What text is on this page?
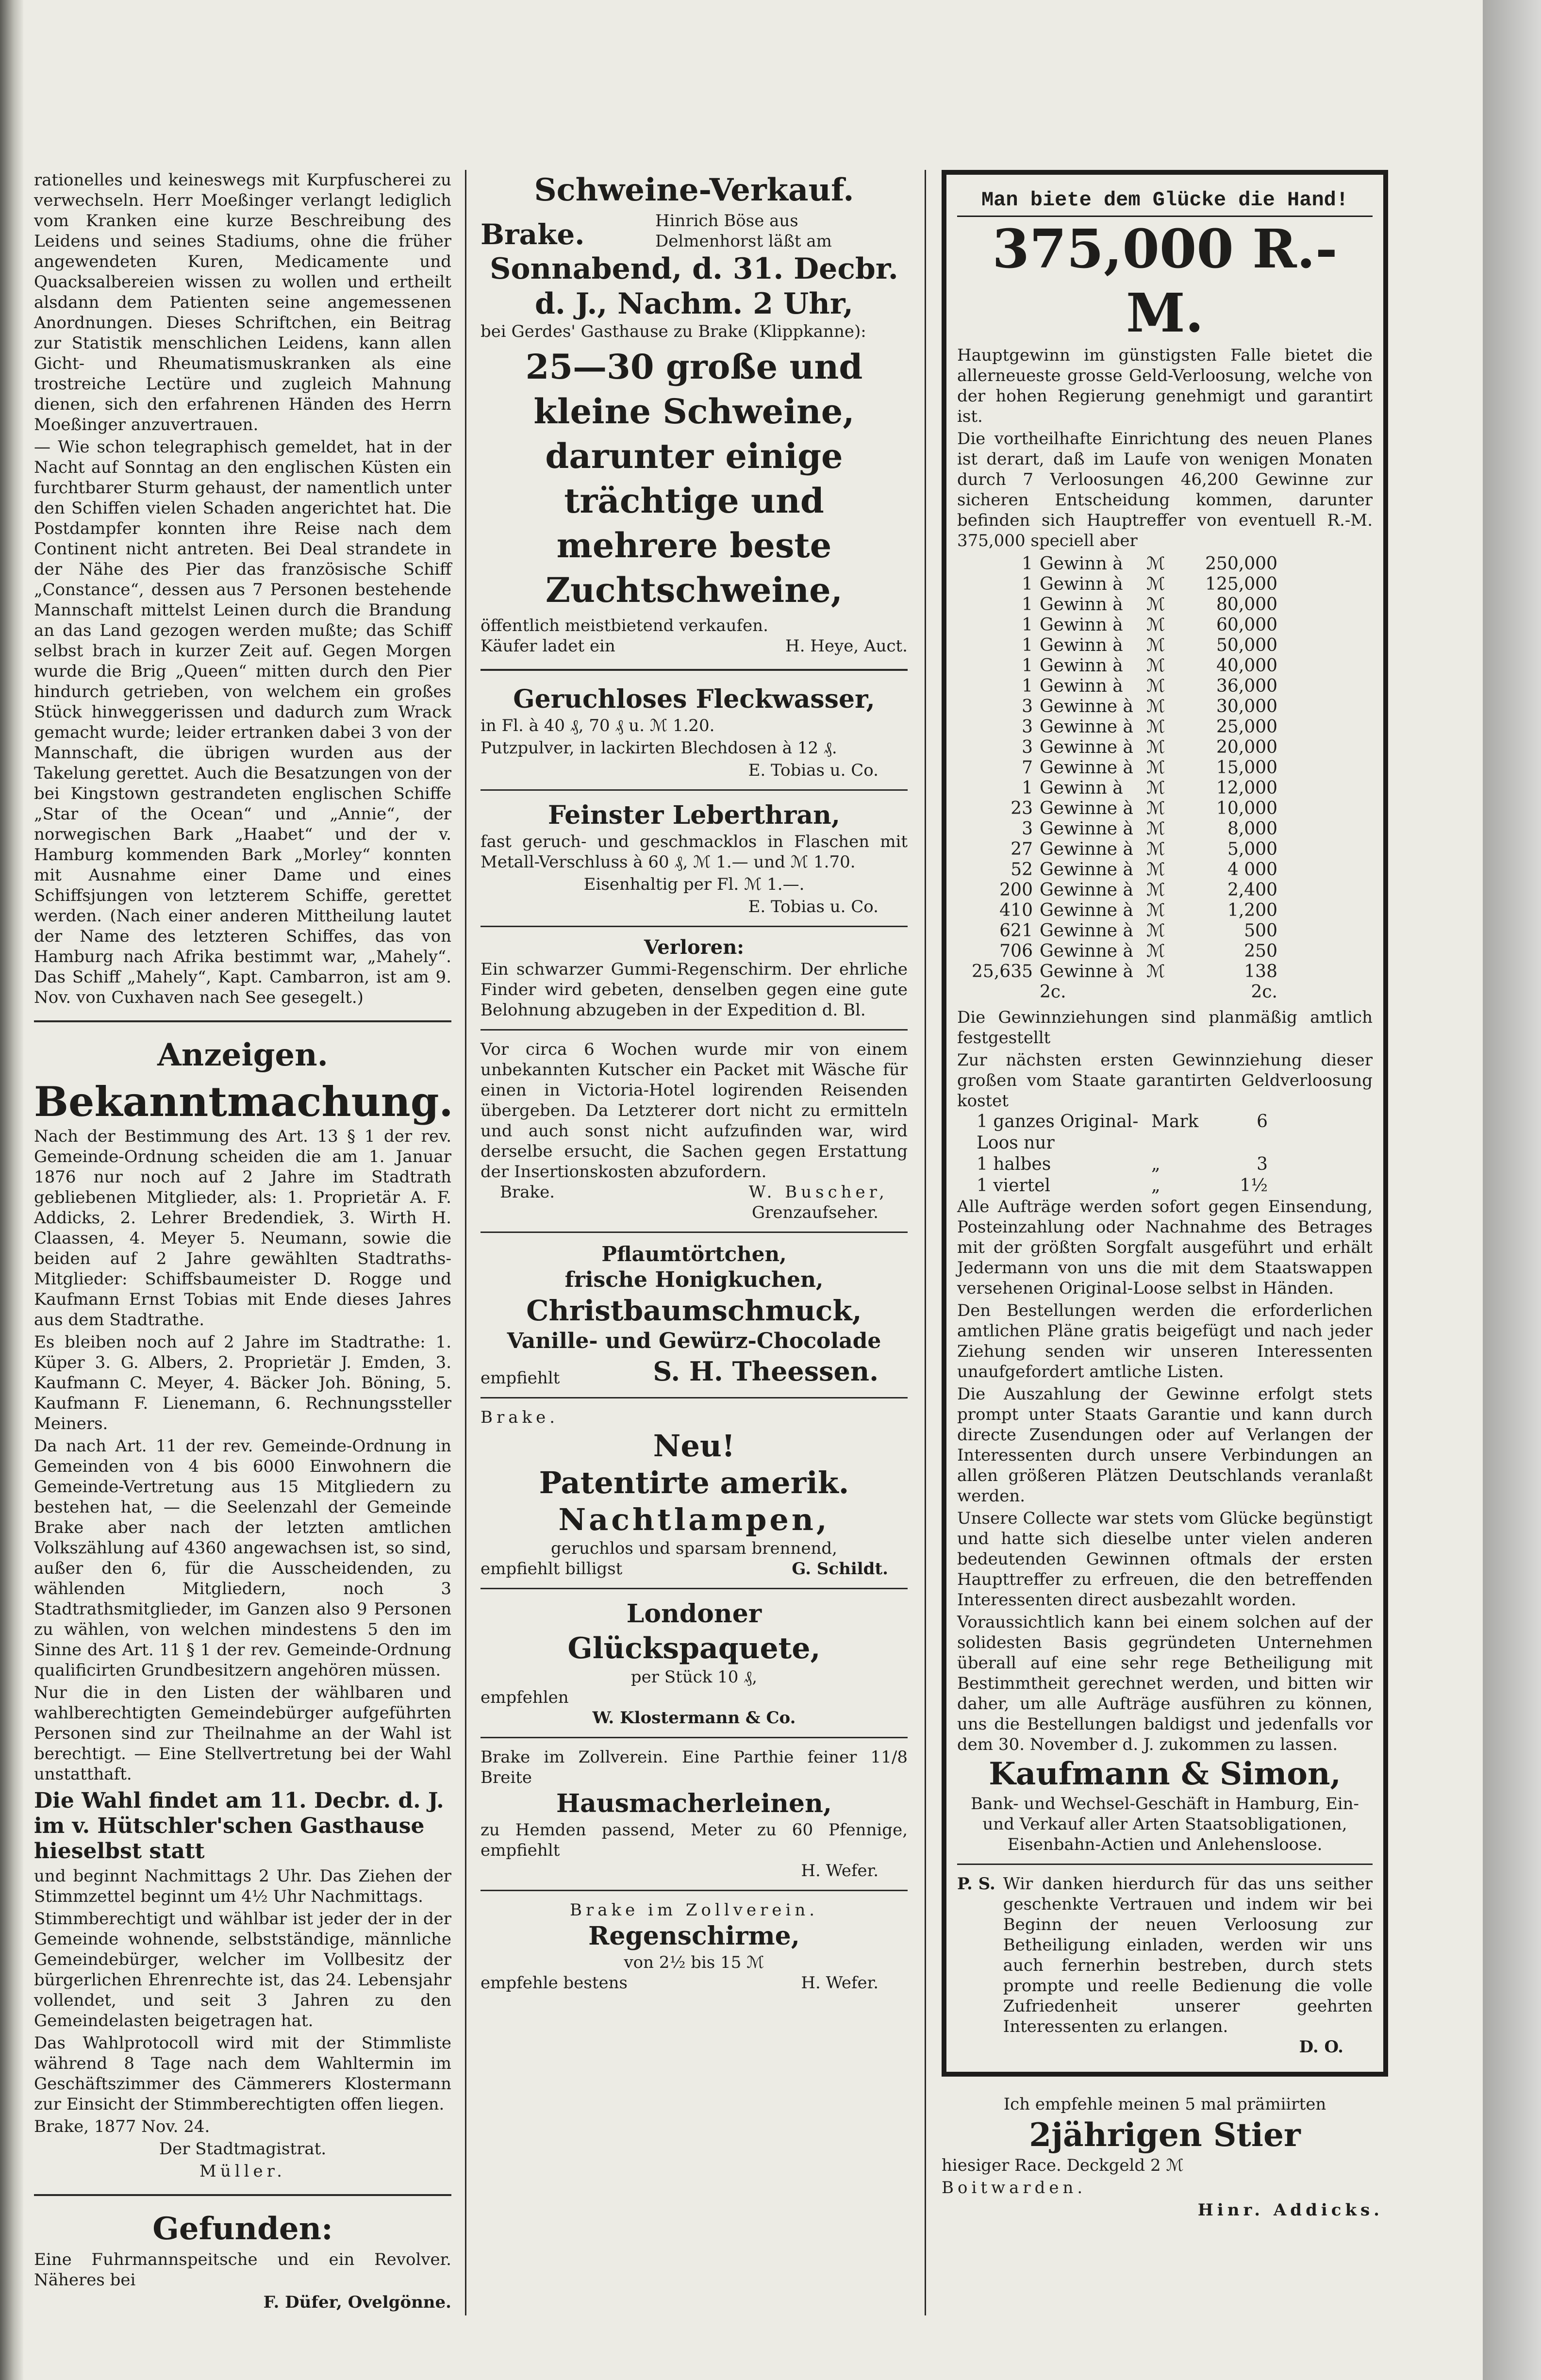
rationelles und keineswegs mit Kurpfuscherei zu verwechseln. Herr Moeßinger verlangt lediglich vom Kranken eine kurze Beschreibung des Leidens und seines Stadiums, ohne die früher angewendeten Kuren, Medicamente und Quacksalbereien wissen zu wollen und ertheilt alsdann dem Patienten seine angemessenen Anordnungen. Dieses Schriftchen, ein Beitrag zur Statistik menschlichen Leidens, kann allen Gicht- und Rheumatismuskranken als eine trostreiche Lectüre und zugleich Mahnung dienen, sich den erfahrenen Händen des Herrn Moeßinger anzuvertrauen.

— Wie schon telegraphisch gemeldet, hat in der Nacht auf Sonntag an den englischen Küsten ein furchtbarer Sturm gehaust, der namentlich unter den Schiffen vielen Schaden angerichtet hat. Die Postdampfer konnten ihre Reise nach dem Continent nicht antreten. Bei Deal strandete in der Nähe des Pier das französische Schiff „Constance“, dessen aus 7 Personen bestehende Mannschaft mittelst Leinen durch die Brandung an das Land gezogen werden mußte; das Schiff selbst brach in kurzer Zeit auf. Gegen Morgen wurde die Brig „Queen“ mitten durch den Pier hindurch getrieben, von welchem ein großes Stück hinweggerissen und dadurch zum Wrack gemacht wurde; leider ertranken dabei 3 von der Mannschaft, die übrigen wurden aus der Takelung gerettet. Auch die Besatzungen von der bei Kingstown gestrandeten englischen Schiffe „Star of the Ocean“ und „Annie“, der norwegischen Bark „Haabet“ und der v. Hamburg kommenden Bark „Morley“ konnten mit Ausnahme einer Dame und eines Schiffsjungen von letzterem Schiffe, gerettet werden. (Nach einer anderen Mittheilung lautet der Name des letzteren Schiffes, das von Hamburg nach Afrika bestimmt war, „Mahely“. Das Schiff „Mahely“, Kapt. Cambarron, ist am 9. Nov. von Cuxhaven nach See gesegelt.)

Anzeigen.

Bekanntmachung.

Nach der Bestimmung des Art. 13 § 1 der rev. Gemeinde-Ordnung scheiden die am 1. Januar 1876 nur noch auf 2 Jahre im Stadtrath gebliebenen Mitglieder, als: 1. Proprietär A. F. Addicks, 2. Lehrer Bredendiek, 3. Wirth H. Claassen, 4. Meyer 5. Neumann, sowie die beiden auf 2 Jahre gewählten Stadtraths-Mitglieder: Schiffsbaumeister D. Rogge und Kaufmann Ernst Tobias mit Ende dieses Jahres aus dem Stadtrathe.

Es bleiben noch auf 2 Jahre im Stadtrathe: 1. Küper 3. G. Albers, 2. Proprietär J. Emden, 3. Kaufmann C. Meyer, 4. Bäcker Joh. Böning, 5. Kaufmann F. Lienemann, 6. Rechnungssteller Meiners.

Da nach Art. 11 der rev. Gemeinde-Ordnung in Gemeinden von 4 bis 6000 Einwohnern die Gemeinde-Vertretung aus 15 Mitgliedern zu bestehen hat, — die Seelenzahl der Gemeinde Brake aber nach der letzten amtlichen Volkszählung auf 4360 angewachsen ist, so sind, außer den 6, für die Ausscheidenden, zu wählenden Mitgliedern, noch 3 Stadtrathsmitglieder, im Ganzen also 9 Personen zu wählen, von welchen mindestens 5 den im Sinne des Art. 11 § 1 der rev. Gemeinde-Ordnung qualificirten Grundbesitzern angehören müssen.

Nur die in den Listen der wählbaren und wahlberechtigten Gemeindebürger aufgeführten Personen sind zur Theilnahme an der Wahl ist berechtigt. — Eine Stellvertretung bei der Wahl unstatthaft.

Die Wahl findet am 11. Decbr. d. J. im v. Hütschler'schen Gasthause hieselbst statt

und beginnt Nachmittags 2 Uhr. Das Ziehen der Stimmzettel beginnt um 4½ Uhr Nachmittags.

Stimmberechtigt und wählbar ist jeder der in der Gemeinde wohnende, selbstständige, männliche Gemeindebürger, welcher im Vollbesitz der bürgerlichen Ehrenrechte ist, das 24. Lebensjahr vollendet, und seit 3 Jahren zu den Gemeindelasten beigetragen hat.

Das Wahlprotocoll wird mit der Stimmliste während 8 Tage nach dem Wahltermin im Geschäftszimmer des Cämmerers Klostermann zur Einsicht der Stimmberechtigten offen liegen.

Brake, 1877 Nov. 24.

Der Stadtmagistrat.

Müller.

Gefunden:

Eine Fuhrmannspeitsche und ein Revolver. Näheres bei

F. Düfer, Ovelgönne.

Schweine-Verkauf.

Brake.	Hinrich Böse aus Delmenhorst läßt am

Sonnabend, d. 31. Decbr. d. J., Nachm. 2 Uhr,

bei Gerdes' Gasthause zu Brake (Klippkanne):

25—30 große und kleine Schweine, darunter einige trächtige und mehrere beste Zuchtschweine,

öffentlich meistbietend verkaufen.

Käufer ladet ein	H. Heye, Auct.

Geruchloses Fleckwasser,

in Fl. à 40 ₰, 70 ₰ u. ℳ 1.20.

Putzpulver, in lackirten Blechdosen à 12 ₰.

E. Tobias u. Co.

Feinster Leberthran,

fast geruch- und geschmacklos in Flaschen mit Metall-Verschluss à 60 ₰, ℳ 1.— und ℳ 1.70.

Eisenhaltig per Fl. ℳ 1.—.

E. Tobias u. Co.

Verloren:

Ein schwarzer Gummi-Regenschirm. Der ehrliche Finder wird gebeten, denselben gegen eine gute Belohnung abzugeben in der Expedition d. Bl.

Vor circa 6 Wochen wurde mir von einem unbekannten Kutscher ein Packet mit Wäsche für einen in Victoria-Hotel logirenden Reisenden übergeben. Da Letzterer dort nicht zu ermitteln und auch sonst nicht aufzufinden war, wird derselbe ersucht, die Sachen gegen Erstattung der Insertionskosten abzufordern.

Brake.	W. Buscher,

Grenzaufseher.

Pflaumtörtchen,

frische Honigkuchen,

Christbaumschmuck,

Vanille- und Gewürz-Chocolade

empfiehlt	S. H. Theessen.

Brake.

Neu!

Patentirte amerik.

Nachtlampen,

geruchlos und sparsam brennend,

empfiehlt billigst	G. Schildt.

Londoner

Glückspaquete,

per Stück 10 ₰,

empfehlen

W. Klostermann & Co.

Brake im Zollverein. Eine Parthie feiner 11/8 Breite

Hausmacherleinen,

zu Hemden passend, Meter zu 60 Pfennige, empfiehlt

H. Wefer.

Brake im Zollverein.

Regenschirme,

von 2½ bis 15 ℳ

empfehle bestens	H. Wefer.

Man biete dem Glücke die Hand!

375,000 R.-M.

Hauptgewinn im günstigsten Falle bietet die allerneueste grosse Geld-Verloosung, welche von der hohen Regierung genehmigt und garantirt ist.

Die vortheilhafte Einrichtung des neuen Planes ist derart, daß im Laufe von wenigen Monaten durch 7 Verloosungen 46,200 Gewinne zur sicheren Entscheidung kommen, darunter befinden sich Hauptreffer von eventuell R.-M. 375,000 speciell aber

1 Gewinn à	ℳ	250,000
1 Gewinn à	ℳ	125,000
1 Gewinn à	ℳ	80,000
1 Gewinn à	ℳ	60,000
1 Gewinn à	ℳ	50,000
1 Gewinn à	ℳ	40,000
1 Gewinn à	ℳ	36,000
3 Gewinne à ℳ	30,000
3 Gewinne à ℳ	25,000
3 Gewinne à ℳ	20,000
7 Gewinne à ℳ	15,000
1 Gewinn à	ℳ	12,000
23 Gewinne à ℳ	10,000
3 Gewinne à ℳ	8,000
27 Gewinne à ℳ	5,000
52 Gewinne à ℳ	4 000
200 Gewinne à ℳ	2,400
410 Gewinne à ℳ	1,200
621 Gewinne à ℳ	500
706 Gewinne à ℳ	250
25,635 Gewinne à ℳ	138
2c.	2c.

Die Gewinnziehungen sind planmäßig amtlich festgestellt

Zur nächsten ersten Gewinnziehung dieser großen vom Staate garantirten Geldverloosung kostet

1 ganzes Original-Loos nur
Mark	6
1 halbes	„	3
1 viertel	„	1½

Alle Aufträge werden sofort gegen Einsendung, Posteinzahlung oder Nachnahme des Betrages mit der größten Sorgfalt ausgeführt und erhält Jedermann von uns die mit dem Staatswappen versehenen Original-Loose selbst in Händen.

Den Bestellungen werden die erforderlichen amtlichen Pläne gratis beigefügt und nach jeder Ziehung senden wir unseren Interessenten unaufgefordert amtliche Listen.

Die Auszahlung der Gewinne erfolgt stets prompt unter Staats Garantie und kann durch directe Zusendungen oder auf Verlangen der Interessenten durch unsere Verbindungen an allen größeren Plätzen Deutschlands veranlaßt werden.

Unsere Collecte war stets vom Glücke begünstigt und hatte sich dieselbe unter vielen anderen bedeutenden Gewinnen oftmals der ersten Haupttreffer zu erfreuen, die den betreffenden Interessenten direct ausbezahlt worden.

Voraussichtlich kann bei einem solchen auf der solidesten Basis gegründeten Unternehmen überall auf eine sehr rege Betheiligung mit Bestimmtheit gerechnet werden, und bitten wir daher, um alle Aufträge ausführen zu können, uns die Bestellungen baldigst und jedenfalls vor dem 30. November d. J. zukommen zu lassen.

Kaufmann & Simon,

Bank- und Wechsel-Geschäft in Hamburg, Ein- und Verkauf aller Arten Staatsobligationen, Eisenbahn-Actien und Anlehensloose.

P. S. Wir danken hierdurch für das uns seither geschenkte Vertrauen und indem wir bei Beginn der neuen Verloosung zur Betheiligung einladen, werden wir uns auch fernerhin bestreben, durch stets prompte und reelle Bedienung die volle Zufriedenheit unserer geehrten Interessenten zu erlangen.

D. O.

Ich empfehle meinen 5 mal prämiirten

2jährigen Stier

hiesiger Race. Deckgeld 2 ℳ

Boitwarden.

Hinr. Addicks.
